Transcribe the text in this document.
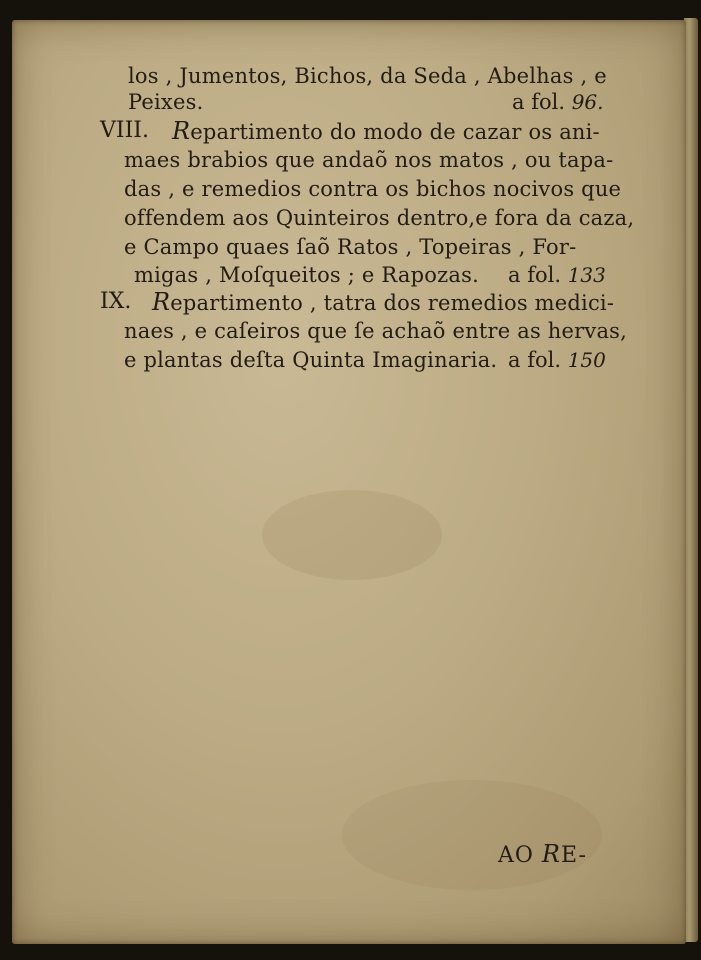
los , Jumentos, Bichos, da Seda , Abelhas , e
Peixes.	a fol. 96.
VIII. Repartimento do modo de cazar os ani-
maes brabios que andaõ nos matos , ou tapa-
das , e remedios contra os bichos nocivos que
offendem aos Quinteiros dentro,e fora da caza,
e Campo quaes ſaõ Ratos , Topeiras , For-
migas , Moſqueitos ; e Rapozas. a fol. 133
IX. Repartimento , tatra dos remedios medici-
naes , e caſeiros que ſe achaõ entre as hervas,
e plantas deſta Quinta Imaginaria. a fol. 150
AO RE-
